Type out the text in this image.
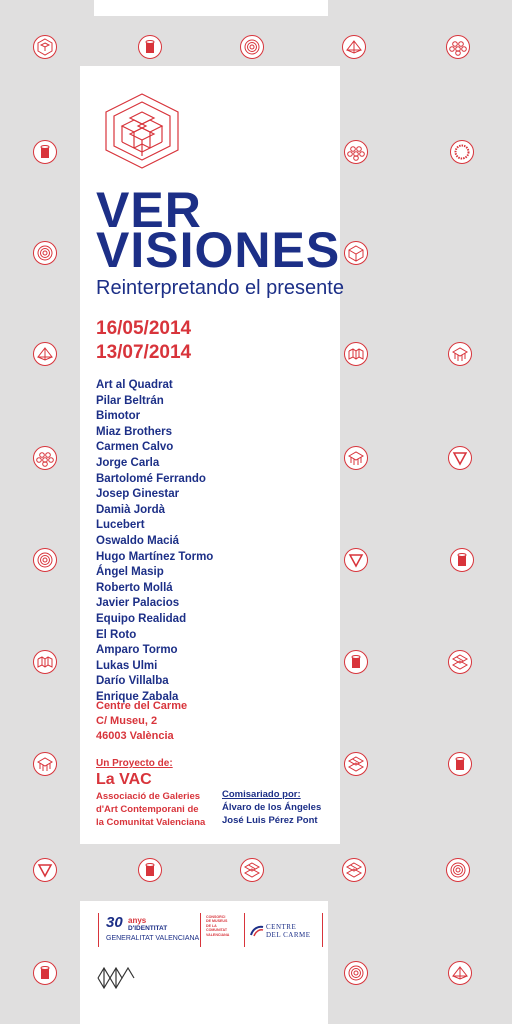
VER
VISIONES
Reinterpretando el presente
16/05/2014
13/07/2014
Art al Quadrat
Pilar Beltrán
Bimotor
Miaz Brothers
Carmen Calvo
Jorge Carla
Bartolomé Ferrando
Josep Ginestar
Damià Jordà
Lucebert
Oswaldo Maciá
Hugo Martínez Tormo
Ángel Masip
Roberto Mollá
Javier Palacios
Equipo Realidad
El Roto
Amparo Tormo
Lukas Ulmi
Darío Villalba
Enrique Zabala
Centre del Carme
C/ Museu, 2
46003 València
Un Proyecto de:
La VAC
Associació de Galeries
d'Art Contemporani de
la Comunitat Valenciana
Comisariado por:
Álvaro de los Ángeles
José Luis Pérez Pont
30 anys
D'IDENTITAT
GENERALITAT VALENCIANA
CONSORCI
DE MUSEUS
DE LA
COMUNITAT
VALENCIANA
CENTRE
DEL CARME
